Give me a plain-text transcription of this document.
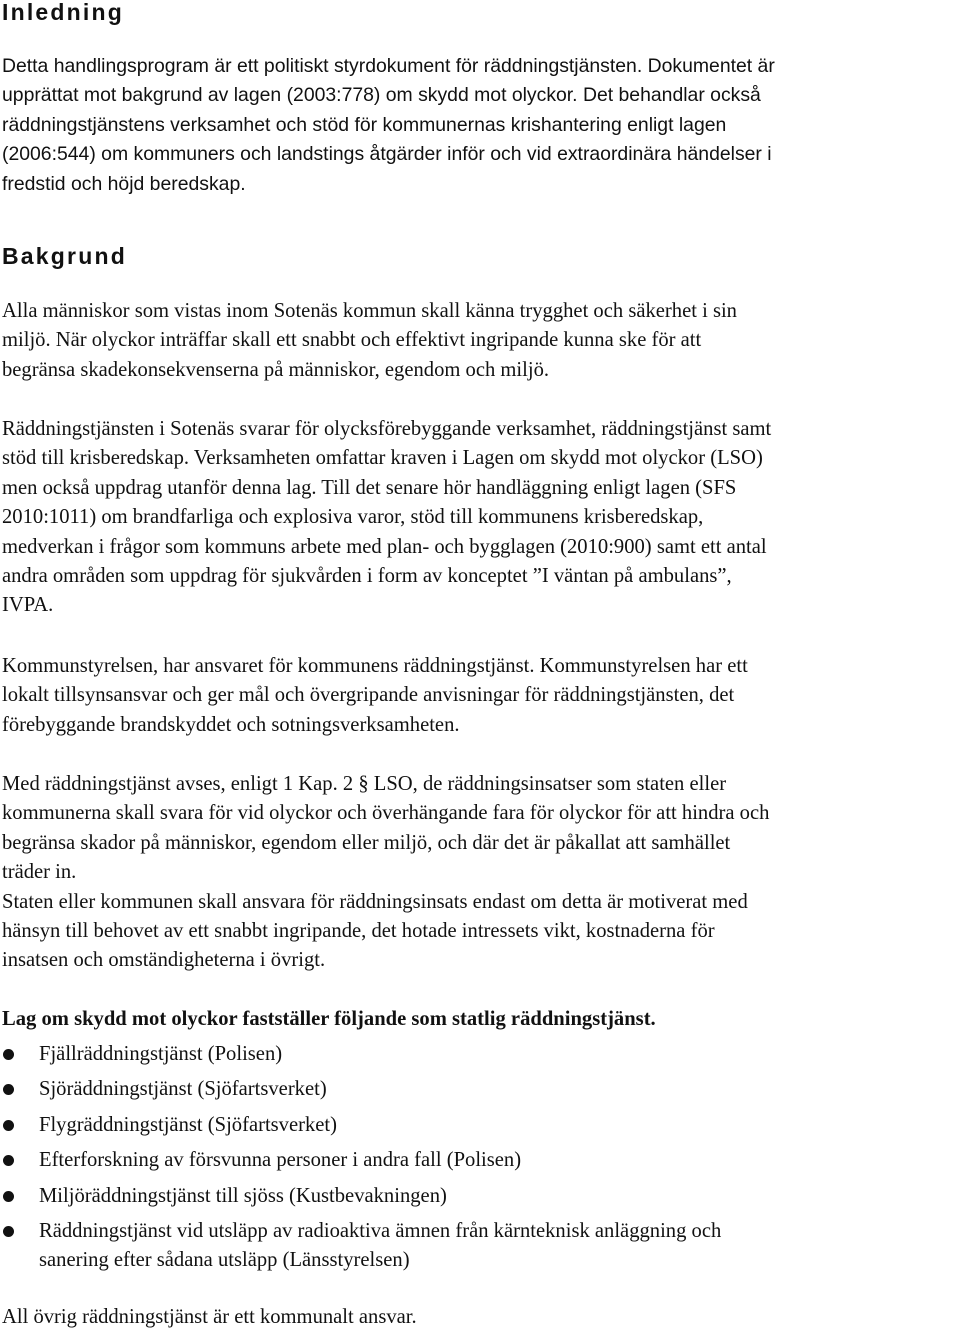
Inledning
Detta handlingsprogram är ett politiskt styrdokument för räddningstjänsten. Dokumentet är
upprättat mot bakgrund av lagen (2003:778) om skydd mot olyckor. Det behandlar också
räddningstjänstens verksamhet och stöd för kommunernas krishantering enligt lagen
(2006:544) om kommuners och landstings åtgärder inför och vid extraordinära händelser i
fredstid och höjd beredskap.
Bakgrund
Alla människor som vistas inom Sotenäs kommun skall känna trygghet och säkerhet i sin
miljö. När olyckor inträffar skall ett snabbt och effektivt ingripande kunna ske för att
begränsa skadekonsekvenserna på människor, egendom och miljö.
Räddningstjänsten i Sotenäs svarar för olycksförebyggande verksamhet, räddningstjänst samt
stöd till krisberedskap. Verksamheten omfattar kraven i Lagen om skydd mot olyckor (LSO)
men också uppdrag utanför denna lag. Till det senare hör handläggning enligt lagen (SFS
2010:1011) om brandfarliga och explosiva varor, stöd till kommunens krisberedskap,
medverkan i frågor som kommuns arbete med plan- och bygglagen (2010:900) samt ett antal
andra områden som uppdrag för sjukvården i form av konceptet ”I väntan på ambulans”,
IVPA.
Kommunstyrelsen, har ansvaret för kommunens räddningstjänst. Kommunstyrelsen har ett
lokalt tillsynsansvar och ger mål och övergripande anvisningar för räddningstjänsten, det
förebyggande brandskyddet och sotningsverksamheten.
Med räddningstjänst avses, enligt 1 Kap. 2 § LSO, de räddningsinsatser som staten eller
kommunerna skall svara för vid olyckor och överhängande fara för olyckor för att hindra och
begränsa skador på människor, egendom eller miljö, och där det är påkallat att samhället
träder in.
Staten eller kommunen skall ansvara för räddningsinsats endast om detta är motiverat med
hänsyn till behovet av ett snabbt ingripande, det hotade intressets vikt, kostnaderna för
insatsen och omständigheterna i övrigt.

Lag om skydd mot olyckor fastställer följande som statlig räddningstjänst.

Fjällräddningstjänst (Polisen)
Sjöräddningstjänst (Sjöfartsverket)
Flygräddningstjänst (Sjöfartsverket)
Efterforskning av försvunna personer i andra fall (Polisen)
Miljöräddningstjänst till sjöss (Kustbevakningen)
Räddningstjänst vid utsläpp av radioaktiva ämnen från kärnteknisk anläggning och
sanering efter sådana utsläpp (Länsstyrelsen)

All övrig räddningstjänst är ett kommunalt ansvar.
